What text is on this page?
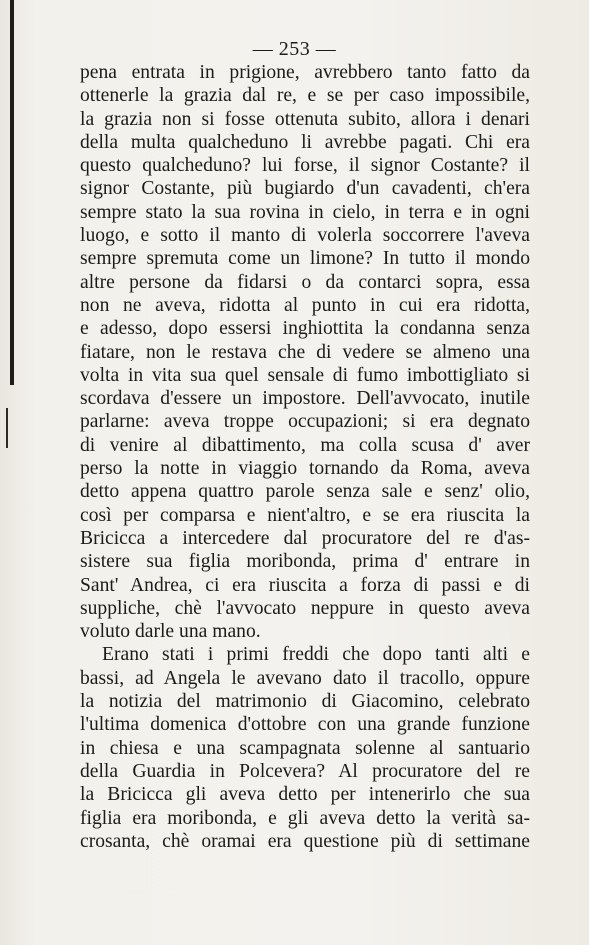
— 253 —
pena entrata in prigione, avrebbero tanto fatto da
ottenerle la grazia dal re, e se per caso impossibile,
la grazia non si fosse ottenuta subito, allora i denari
della multa qualcheduno li avrebbe pagati. Chi era
questo qualcheduno? lui forse, il signor Costante? il
signor Costante, più bugiardo d'un cavadenti, ch'era
sempre stato la sua rovina in cielo, in terra e in ogni
luogo, e sotto il manto di volerla soccorrere l'aveva
sempre spremuta come un limone? In tutto il mondo
altre persone da fidarsi o da contarci sopra, essa
non ne aveva, ridotta al punto in cui era ridotta,
e adesso, dopo essersi inghiottita la condanna senza
fiatare, non le restava che di vedere se almeno una
volta in vita sua quel sensale di fumo imbottigliato si
scordava d'essere un impostore. Dell'avvocato, inutile
parlarne: aveva troppe occupazioni; si era degnato
di venire al dibattimento, ma colla scusa d' aver
perso la notte in viaggio tornando da Roma, aveva
detto appena quattro parole senza sale e senz' olio,
così per comparsa e nient'altro, e se era riuscita la
Bricicca a intercedere dal procuratore del re d'as-
sistere sua figlia moribonda, prima d' entrare in
Sant' Andrea, ci era riuscita a forza di passi e di
suppliche, chè l'avvocato neppure in questo aveva
voluto darle una mano.
Erano stati i primi freddi che dopo tanti alti e
bassi, ad Angela le avevano dato il tracollo, oppure
la notizia del matrimonio di Giacomino, celebrato
l'ultima domenica d'ottobre con una grande funzione
in chiesa e una scampagnata solenne al santuario
della Guardia in Polcevera? Al procuratore del re
la Bricicca gli aveva detto per intenerirlo che sua
figlia era moribonda, e gli aveva detto la verità sa-
crosanta, chè oramai era questione più di settimane
